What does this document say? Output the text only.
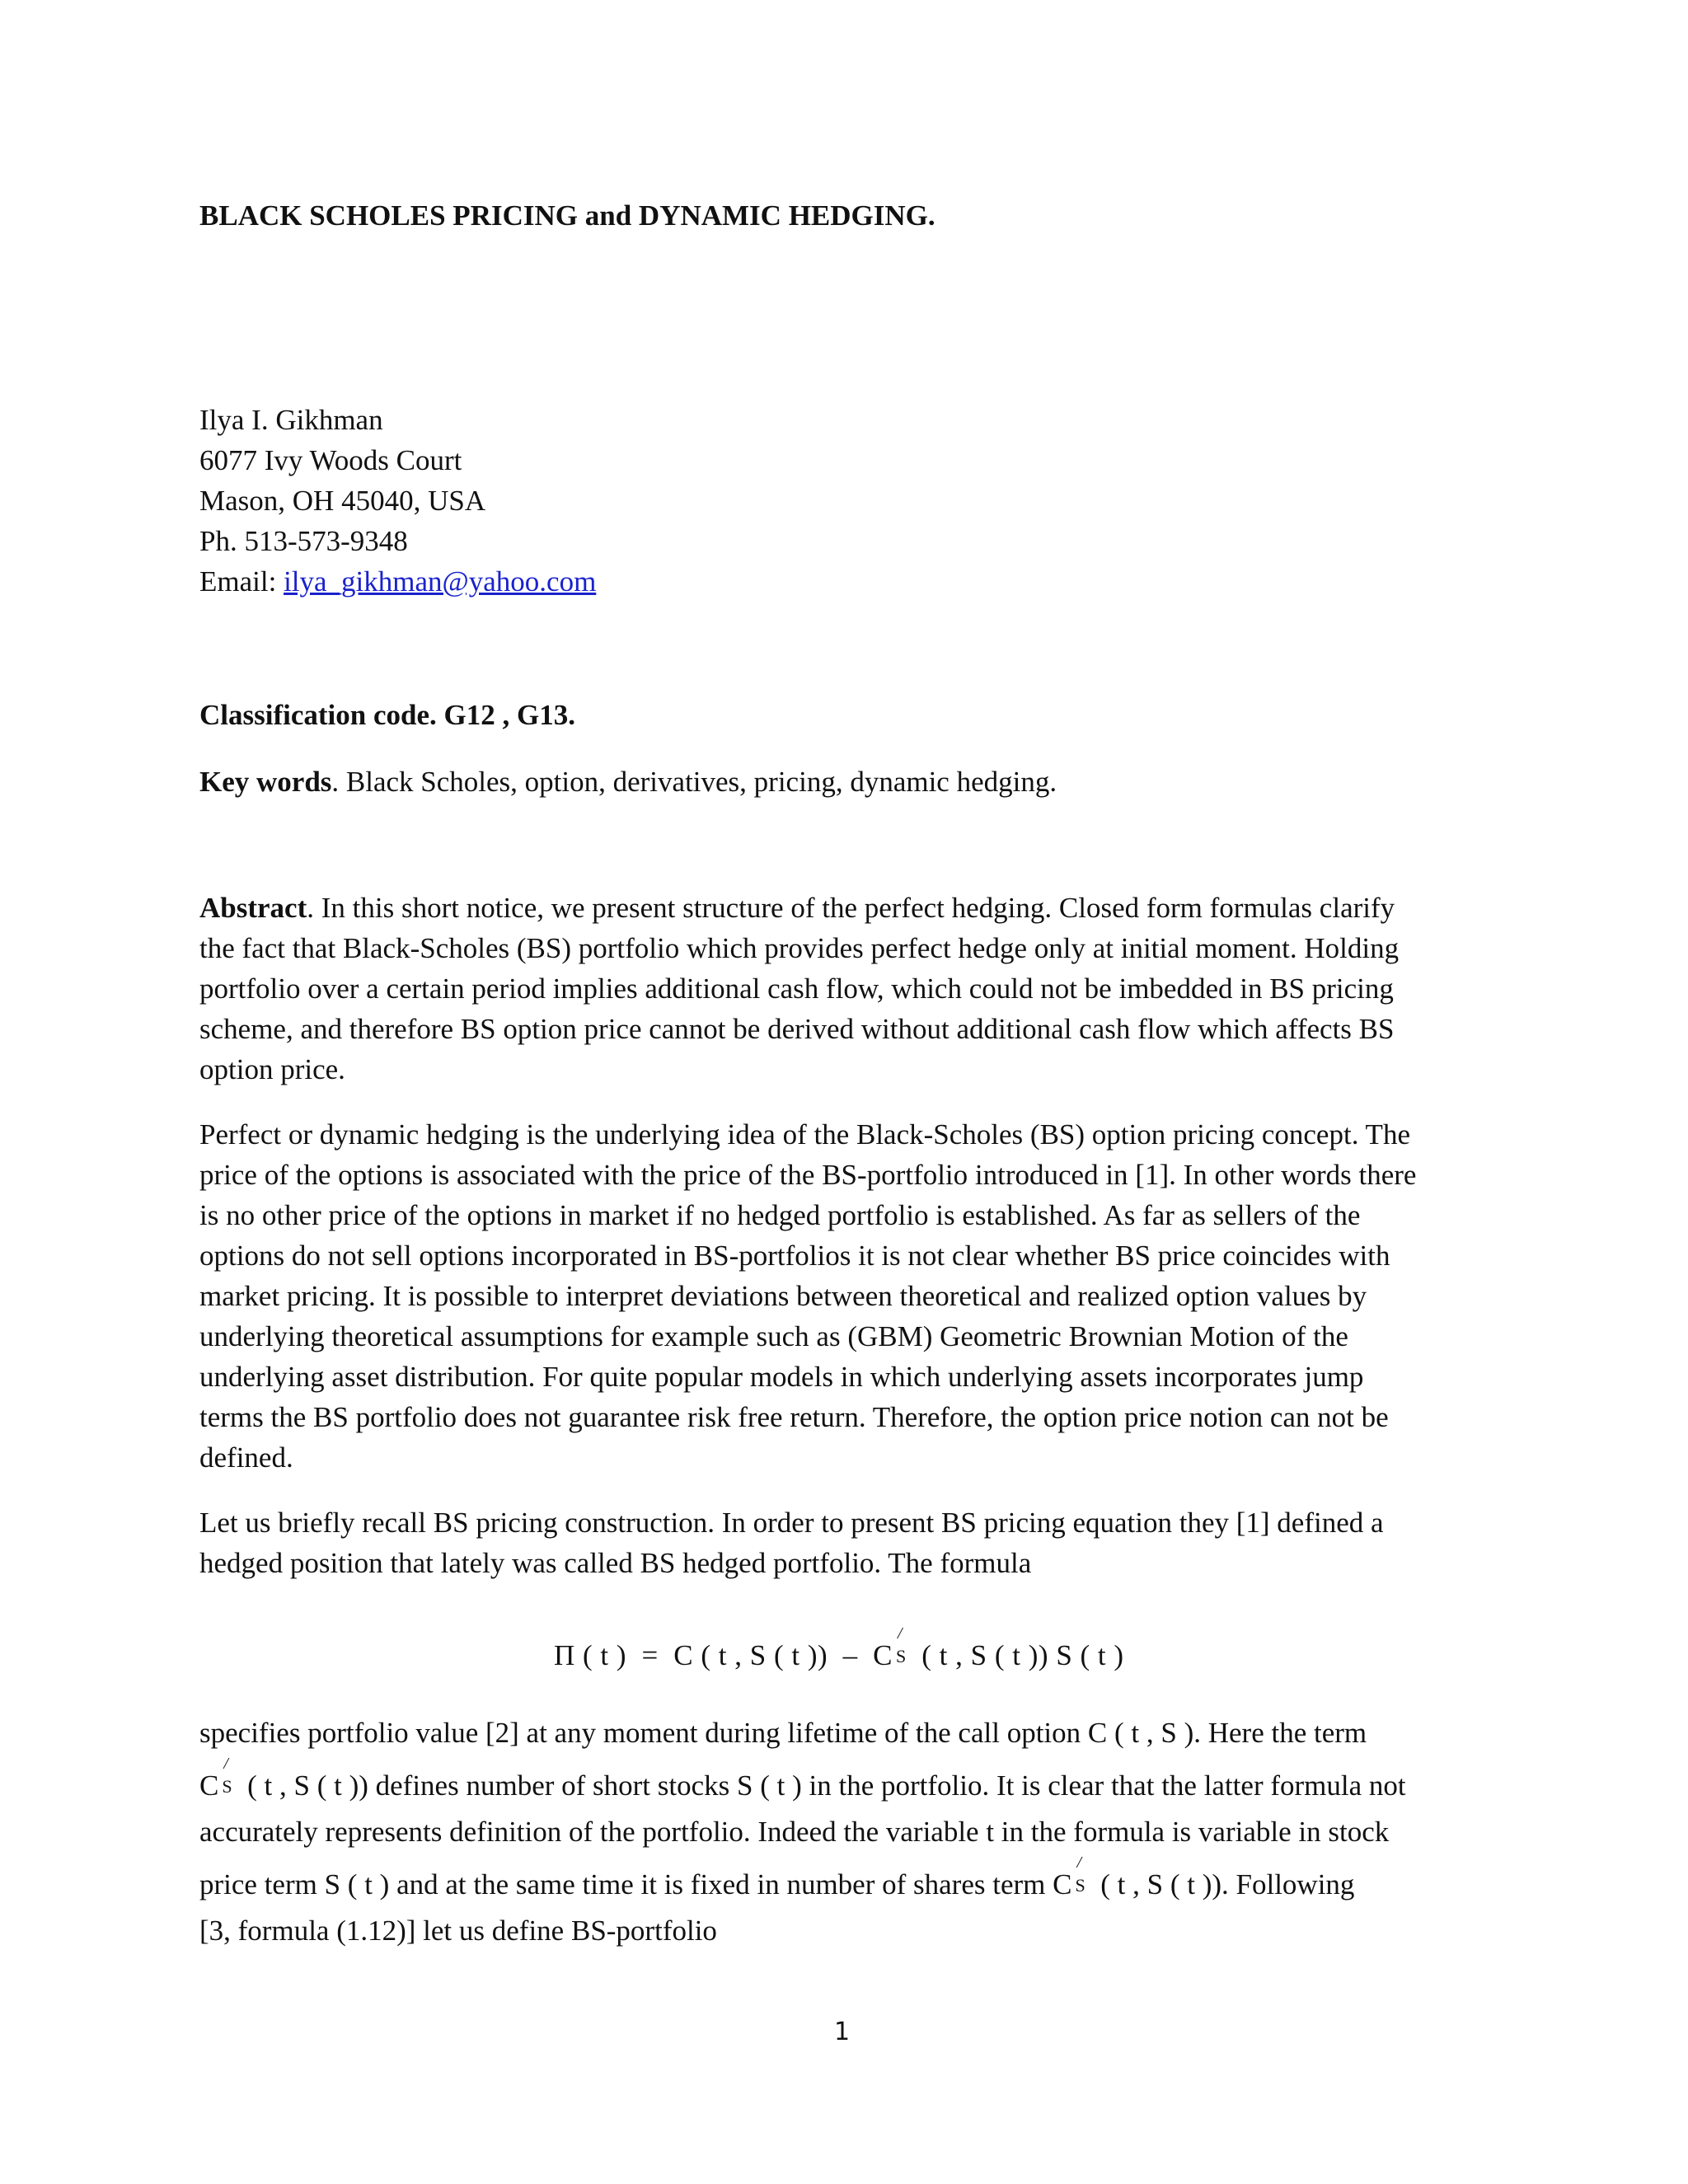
BLACK SCHOLES PRICING and DYNAMIC HEDGING.
Ilya I. Gikhman
6077 Ivy Woods Court
Mason, OH 45040, USA
Ph. 513-573-9348
Email: ilya_gikhman@yahoo.com
Classification code. G12 , G13.
Key words. Black Scholes, option, derivatives, pricing, dynamic hedging.
Abstract. In this short notice, we present structure of the perfect hedging. Closed form formulas clarify
the fact that Black-Scholes (BS) portfolio which provides perfect hedge only at initial moment. Holding
portfolio over a certain period implies additional cash flow, which could not be imbedded in BS pricing
scheme, and therefore BS option price cannot be derived without additional cash flow which affects BS
option price.
Perfect or dynamic hedging is the underlying idea of the Black-Scholes (BS) option pricing concept. The
price of the options is associated with the price of the BS-portfolio introduced in [1]. In other words there
is no other price of the options in market if no hedged portfolio is established. As far as sellers of the
options do not sell options incorporated in BS-portfolios it is not clear whether BS price coincides with
market pricing. It is possible to interpret deviations between theoretical and realized option values by
underlying theoretical assumptions for example such as (GBM) Geometric Brownian Motion of the
underlying asset distribution. For quite popular models in which underlying assets incorporates jump
terms the BS portfolio does not guarantee risk free return. Therefore, the option price notion can not be
defined.
Let us briefly recall BS pricing construction. In order to present BS pricing equation they [1] defined a
hedged position that lately was called BS hedged portfolio. The formula
Π ( t )  =  C ( t , S ( t ))  –  C
/
S ( t , S ( t )) S ( t )
specifies portfolio value [2] at any moment during lifetime of the call option C ( t , S ). Here the term
C
/
S ( t , S ( t )) defines number of short stocks S ( t ) in the portfolio. It is clear that the latter formula not
accurately represents definition of the portfolio. Indeed the variable t in the formula is variable in stock
price term S ( t ) and at the same time it is fixed in number of shares term C
/
S ( t , S ( t )). Following
[3, formula (1.12)] let us define BS-portfolio
1
